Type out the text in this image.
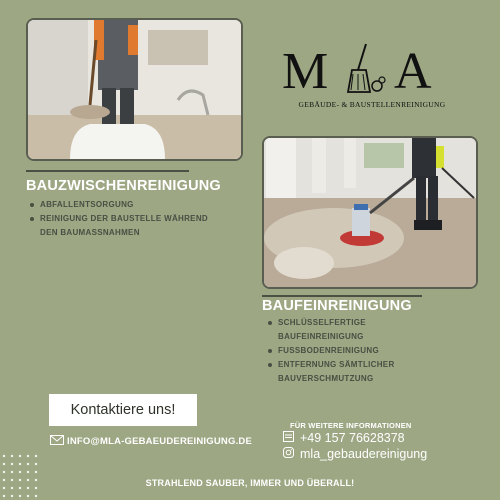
M A
GEBÄUDE- & BAUSTELLENREINIGUNG
BAUZWISCHENREINIGUNG
ABFALLENTSORGUNG
REINIGUNG DER BAUSTELLE WÄHREND
DEN BAUMASSNAHMEN
BAUFEINREINIGUNG
SCHLÜSSELFERTIGE
BAUFEINREINIGUNG
FUSSBODENREINIGUNG
ENTFERNUNG SÄMTLICHER
BAUVERSCHMUTZUNG
Kontaktiere uns!
INFO@MLA-GEBAEUDEREINIGUNG.DE
FÜR WEITERE INFORMATIONEN
+49 157 76628378
mla_gebaudereinigung
STRAHLEND SAUBER, IMMER UND ÜBERALL!
